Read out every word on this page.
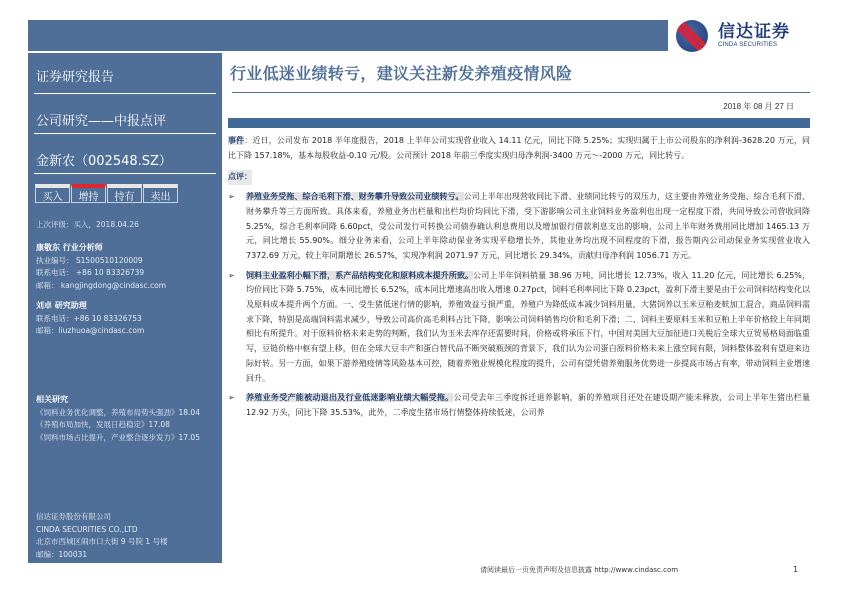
信达证券
CINDA SECURITIES
证券研究报告
公司研究——中报点评
金新农（002548.SZ）
买入	增持	持有	卖出
上次评级：买入，2018.04.26
康敬东 行业分析师
执业编号： S1500510120009
联系电话： +86 10 83326739
邮箱： kangjingdong@cindasc.com
刘卓 研究助理
联系电话：+86 10 83326753
邮箱：liuzhuoa@cindasc.com
相关研究
《饲料业务优化调整，养殖布局势头强劲》18.04
《养殖布局加快，发展日趋稳定》17.08
《饲料市场占比提升，产业整合逐步发力》17.05
信达证券股份有限公司
CINDA SECURITIES CO.,LTD
北京市西城区闹市口大街 9 号院 1 号楼
邮编：100031
行业低迷业绩转亏，建议关注新发养殖疫情风险
2018 年 08 月 27 日

事件：近日，公司发布 2018 半年度报告，2018 上半年公司实现营业收入 14.11 亿元，同比下降 5.25%；实现归属于上市公司股东的净利润-3628.20 万元，同比下降 157.18%，基本每股收益-0.10 元/股。公司预计 2018 年前三季度实现归母净利润-3400 万元～-2000 万元，同比转亏。

点评：

➢ 养殖业务受拖、综合毛利下滑、财务攀升导致公司业绩转亏。公司上半年出现营收同比下滑、业绩同比转亏的双压力，这主要由养殖业务受拖、综合毛利下滑、财务攀升等三方面所致。具体来看，养殖业务出栏量和出栏均价均同比下滑，受下游影响公司主业饲料业务盈利也出现一定程度下滑，共同导致公司营收同降 5.25%，综合毛利率同降 6.60pct，受公司发行可转换公司债券确认利息费用以及增加银行借款利息支出的影响，公司上半年财务费用同比增加 1465.13 万元，同比增长 55.90%。细分业务来看，公司上半年除动保业务实现平稳增长外，其他业务均出现不同程度的下滑，报告期内公司动保业务实现营业收入 7372.69 万元，较上年同期增长 26.57%，实现净利润 2071.97 万元，同比增长 29.34%，贡献归母净利润 1056.71 万元。

➢ 饲料主业盈利小幅下滑，系产品结构变化和原料成本提升所致。公司上半年饲料销量 38.96 万吨，同比增长 12.73%，收入 11.20 亿元，同比增长 6.25%，均价同比下降 5.75%，成本同比增长 6.52%，成本同比增速高出收入增速 0.27pct，饲料毛利率同比下降 0.23pct，盈利下滑主要是由于公司饲料结构变化以及原料成本提升两个方面。一、受生猪低迷行情的影响，养殖效益亏损严重，养殖户为降低成本减少饲料用量，大猪饲养以玉米豆粕麦麸加工混合，商品饲料需求下降，特别是高端饲料需求减少，导致公司高价高毛利料占比下降，影响公司饲料销售均价和毛利下滑；二、饲料主要原料玉米和豆粕上半年价格较上年同期相比有所提升。对于原料价格未来走势的判断，我们认为玉米去库存还需要时间，价格或将承压下行，中国对美国大豆加征进口关税后全球大豆贸易格局面临重写，豆链价格中枢有望上移，但在全球大豆丰产和蛋白替代品不断突破瓶颈的背景下，我们认为公司蛋白原料价格未来上涨空间有限，饲料整体盈利有望迎来边际好转。另一方面，如果下游养殖疫情等风险基本可控，随着养殖业规模化程度的提升，公司有望凭借养殖服务优势进一步提高市场占有率，带动饲料主业增速回升。

➢ 养殖业务受产能被动退出及行业低迷影响业绩大幅受拖。公司受去年三季度拆迁退养影响，新的养殖项目还处在建设期产能未释放，公司上半年生猪出栏量 12.92 万头，同比下降 35.53%，此外，二季度生猪市场行情整体持续低迷，公司养

请阅读最后一页免责声明及信息披露 http://www.cindasc.com	1
